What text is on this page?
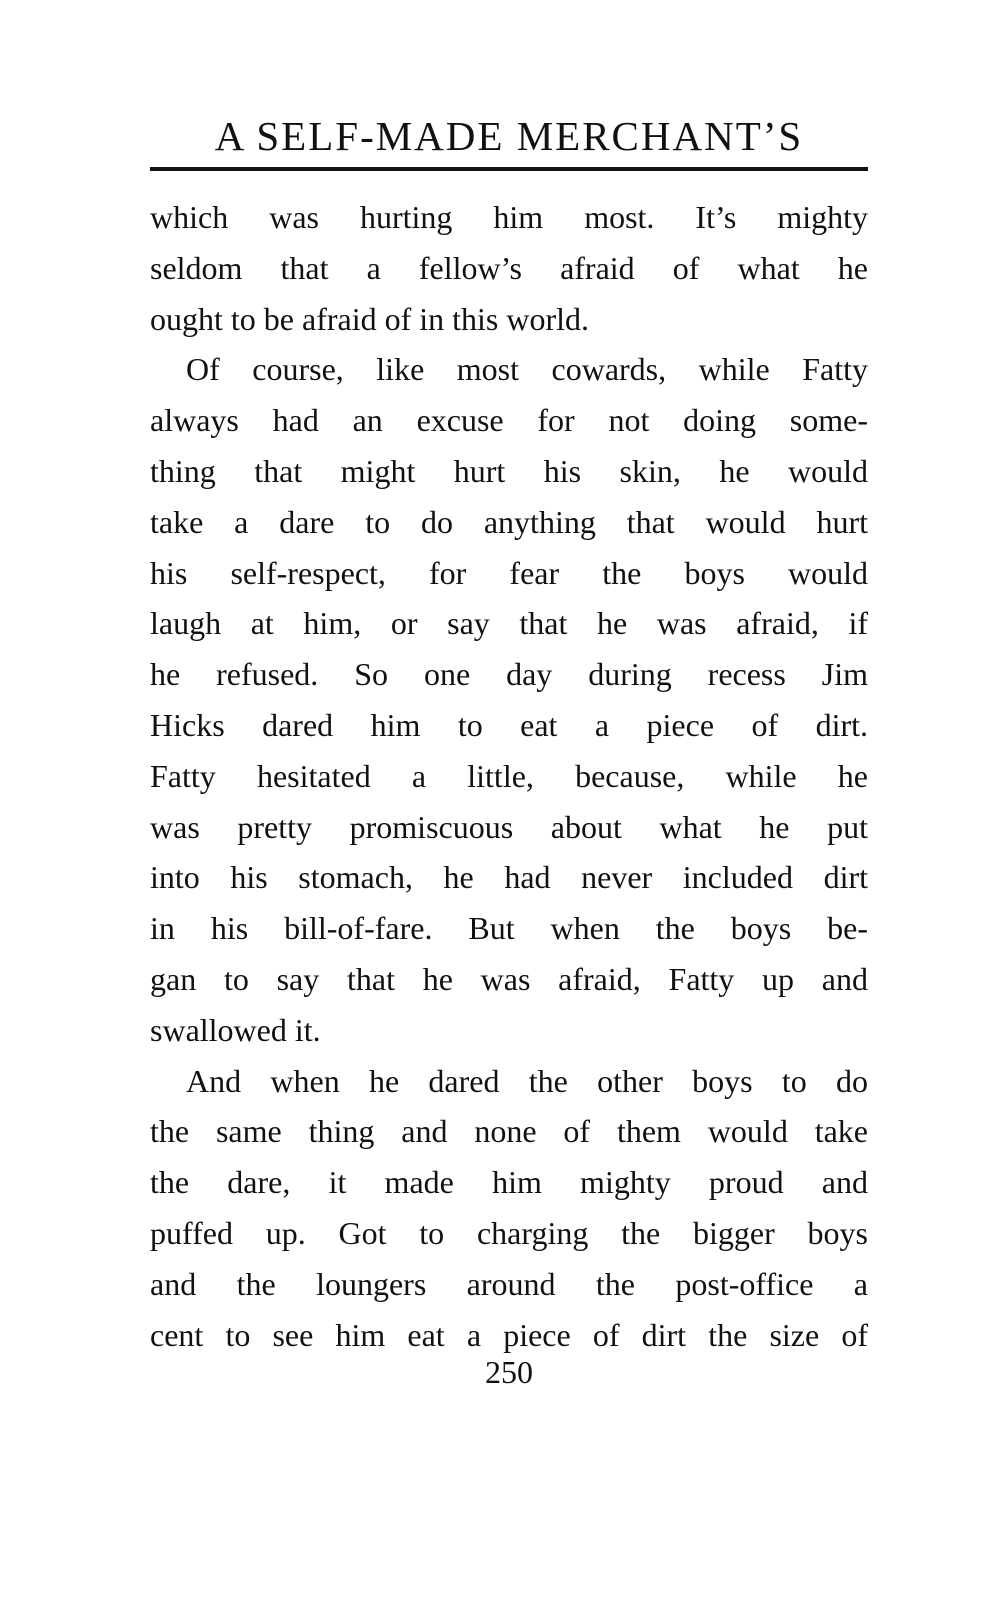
A SELF-MADE MERCHANT’S
which was hurting him most. It’s mighty
seldom that a fellow’s afraid of what he
ought to be afraid of in this world.
Of course, like most cowards, while Fatty
always had an excuse for not doing some-
thing that might hurt his skin, he would
take a dare to do anything that would hurt
his self-respect, for fear the boys would
laugh at him, or say that he was afraid, if
he refused. So one day during recess Jim
Hicks dared him to eat a piece of dirt.
Fatty hesitated a little, because, while he
was pretty promiscuous about what he put
into his stomach, he had never included dirt
in his bill-of-fare. But when the boys be-
gan to say that he was afraid, Fatty up and
swallowed it.
And when he dared the other boys to do
the same thing and none of them would take
the dare, it made him mighty proud and
puffed up. Got to charging the bigger boys
and the loungers around the post-office a
cent to see him eat a piece of dirt the size of
250
